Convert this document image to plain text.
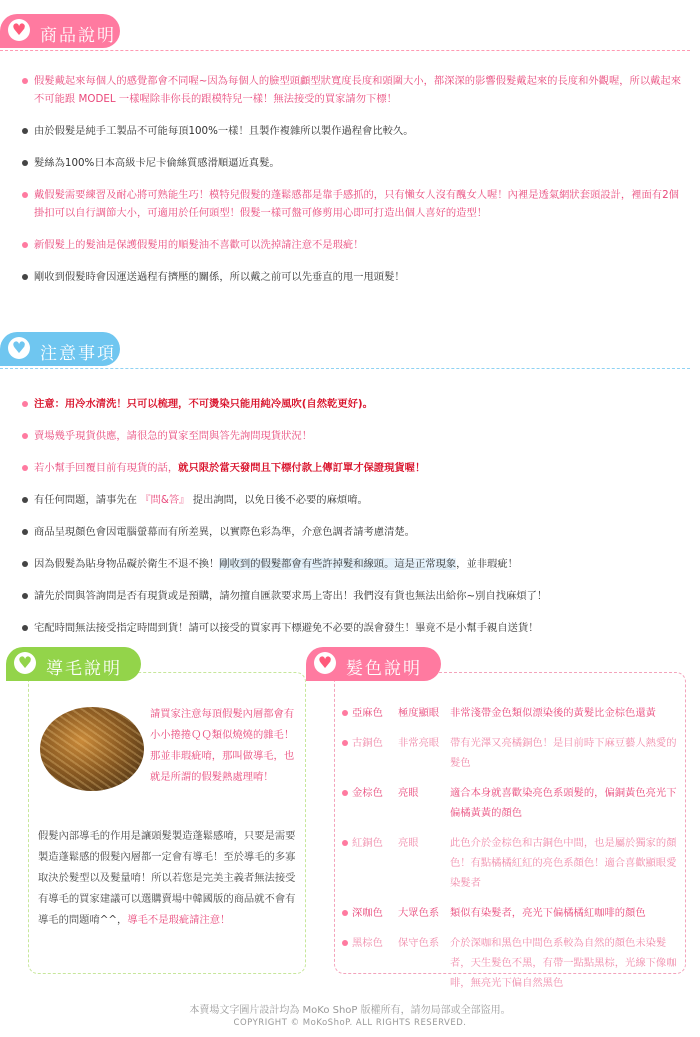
♥ 商品說明
假髮戴起來每個人的感覺都會不同喔~因為每個人的臉型頭顱型狀寬度長度和頭圍大小，都深深的影響假髮戴起來的長度和外觀喔，所以戴起來不可能跟 MODEL 一樣喔除非你長的跟模特兒一樣！無法接受的買家請勿下標！
由於假髮是純手工製品不可能每頂100%一樣！且製作複雜所以製作過程會比較久。
髮絲為100%日本高級卡尼卡倫絲質感滑順逼近真髮。
戴假髮需要練習及耐心將可熟能生巧！模特兒假髮的蓬鬆感都是靠手感抓的，只有懶女人沒有醜女人喔！內裡是透氣網狀套頭設計，裡面有2個掛扣可以自行調節大小，可適用於任何頭型！假髮一樣可盤可修剪用心即可打造出個人喜好的造型！
新假髮上的髮油是保護假髮用的順髮油不喜歡可以洗掉請注意不是瑕疵！
剛收到假髮時會因運送過程有擠壓的關係，所以戴之前可以先垂直的甩一甩頭髮！
♥ 注意事項
注意：用冷水清洗！只可以梳理，不可燙染只能用純冷風吹(自然乾更好)。
賣場幾乎現貨供應，請很急的買家至問與答先詢問現貨狀況！
若小幫手回覆目前有現貨的話，就只限於當天發問且下標付款上傳訂單才保證現貨喔！
有任何問題，請事先在 『問&答』 提出詢問，以免日後不必要的麻煩唷。
商品呈現顏色會因電腦螢幕而有所差異，以實際色彩為準，介意色調者請考慮清楚。
因為假髮為貼身物品礙於衛生不退不換！剛收到的假髮都會有些許掉髮和線頭。這是正常現象，並非瑕疵！
請先於問與答詢問是否有現貨或是預購，請勿擅自匯款要求馬上寄出！我們沒有貨也無法出給你~別自找麻煩了！
宅配時間無法接受指定時間到貨！請可以接受的買家再下標避免不必要的誤會發生！畢竟不是小幫手親自送貨！
♥ 導毛說明
請買家注意每頂假髮內層都會有小小捲捲ＱＱ類似燒燒的雜毛！那並非瑕疵唷，那叫做導毛，也就是所謂的假髮熱處理唷！
假髮內部導毛的作用是讓頭髮製造蓬鬆感唷，只要是需要製造蓬鬆感的假髮內層都一定會有導毛！至於導毛的多寡取決於髮型以及髮量唷！所以若您是完美主義者無法接受有導毛的買家建議可以選購賣場中韓國版的商品就不會有導毛的問題唷^^，導毛不是瑕疵請注意！
♥ 髮色說明
亞麻色 極度顯眼 非常淺帶金色類似漂染後的黃髮比金棕色還黃
古銅色 非常亮眼 帶有光澤又亮橘銅色！是目前時下麻豆藝人熱愛的髮色
金棕色 亮眼	適合本身就喜歡染亮色系頭髮的，偏銅黃色亮光下偏橘黃黃的顏色
紅銅色 亮眼	此色介於金棕色和古銅色中間，也是屬於獨家的顏色！有點橘橘紅紅的亮色系顏色！適合喜歡顯眼愛染髮者
深咖色 大眾色系 類似有染髮者，亮光下偏橘橘紅咖啡的顏色
黑棕色 保守色系 介於深咖和黑色中間色系較為自然的顏色未染髮者，天生髮色不黑，有帶一點點黑棕，光線下像咖啡，無亮光下偏自然黑色
本賣場文字圖片設計均為 MoKo ShoP 版權所有，請勿局部或全部盜用。
COPYRIGHT © MoKoShoP. ALL RIGHTS RESERVED.
